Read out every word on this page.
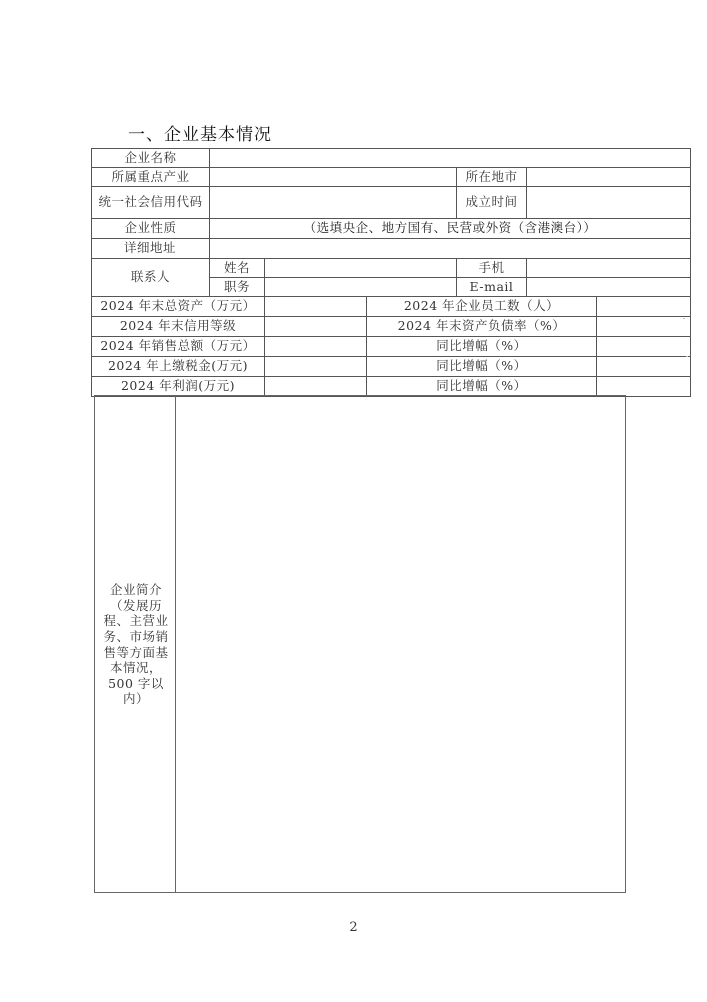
一、企业基本情况
企业名称						
所属重点产业				所在地市		
统一社会信用代码				成立时间		
企业性质	（选填央企、地方国有、民营或外资（含港澳台））					
详细地址						
联系人	姓名			手机		
	职务			E-mail		
2024 年末总资产（万元）			2024 年企业员工数（人）			
2024 年末信用等级			2024 年末资产负债率（%）			
2024 年销售总额（万元）			同比增幅（%）			
2024 年上缴税金(万元)			同比增幅（%）			
2024 年利润(万元)			同比增幅（%）			
企业简介（发展历程、主营业务、市场销售等方面基本情况，500 字以内）
2
